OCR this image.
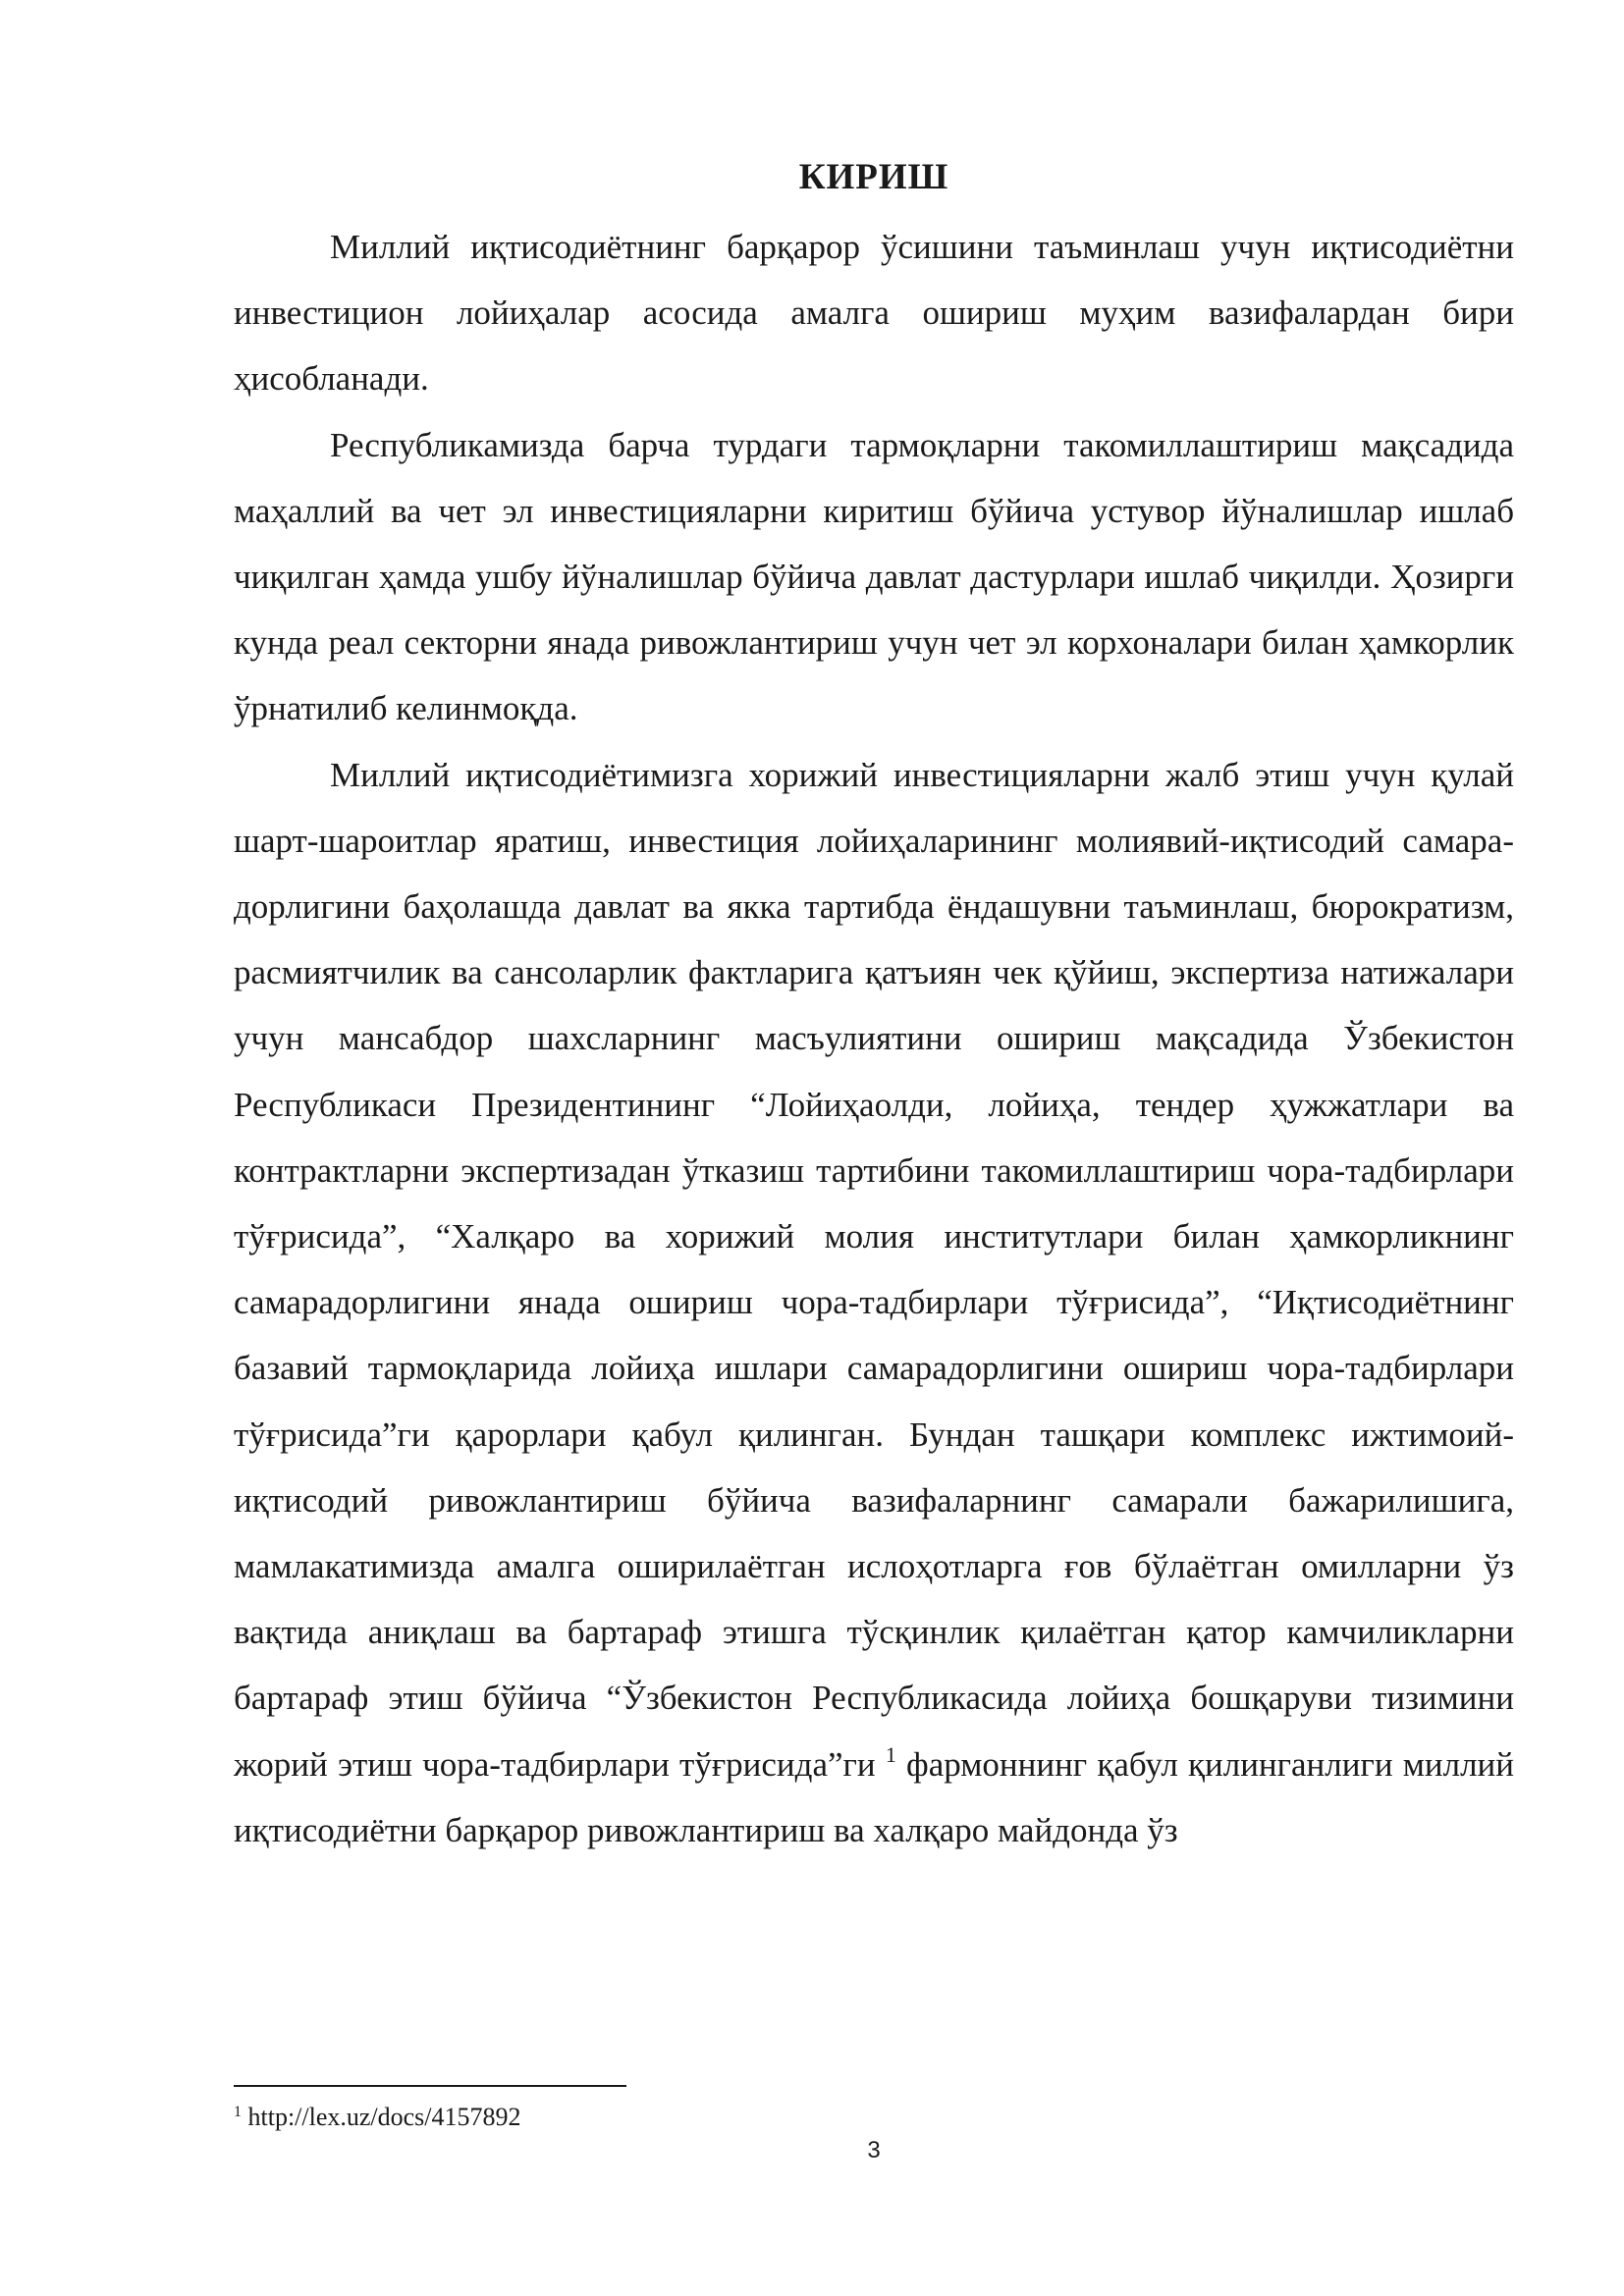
КИРИШ

Миллий иқтисодиётнинг барқарор ўсишини таъминлаш учун иқтисодиётни инвестицион лойиҳалар асосида амалга ошириш муҳим вазифалардан бири ҳисобланади.

Республикамизда барча турдаги тармоқларни такомиллаштириш мақсадида маҳаллий ва чет эл инвестицияларни киритиш бўйича устувор йўналишлар ишлаб чиқилган ҳамда ушбу йўналишлар бўйича давлат дастурлари ишлаб чиқилди. Ҳозирги кунда реал секторни янада ривожлантириш учун чет эл корхоналари билан ҳамкорлик ўрнатилиб келинмоқда.

Миллий иқтисодиётимизга хорижий инвестицияларни жалб этиш учун қулай шарт-шароитлар яратиш, инвестиция лойиҳаларининг молиявий-иқтисодий самара- дорлигини баҳолашда давлат ва якка тартибда ёндашувни таъминлаш, бюрократизм, расмиятчилик ва сансоларлик фактларига қатъиян чек қўйиш, экспертиза натижалари учун мансабдор шахсларнинг масъулиятини ошириш мақсадида Ўзбекистон Республикаси Президентининг “Лойиҳаолди, лойиҳа, тендер ҳужжатлари ва контрактларни экспертизадан ўтказиш тартибини такомиллаштириш чора-тадбирлари тўғрисида”, “Халқаро ва хорижий молия институтлари билан ҳамкорликнинг самарадорлигини янада ошириш чора-тадбирлари тўғрисида”, “Иқтисодиётнинг базавий тармоқларида лойиҳа ишлари самарадорлигини ошириш чора-тадбирлари тўғрисида”ги қарорлари қабул қилинган. Бундан ташқари комплекс ижтимоий- иқтисодий ривожлантириш бўйича вазифаларнинг самарали бажарилишига, мамлакатимизда амалга оширилаётган ислоҳотларга ғов бўлаётган омилларни ўз вақтида аниқлаш ва бартараф этишга тўсқинлик қилаётган қатор камчиликларни бартараф этиш бўйича “Ўзбекистон Республикасида лойиҳа бошқаруви тизимини жорий этиш чора-тадбирлари тўғрисида”ги $^1$ фармоннинг қабул қилинганлиги миллий иқтисодиётни барқарор ривожлантириш ва халқаро майдонда ўз

$^1$ http://lex.uz/docs/4157892
3
